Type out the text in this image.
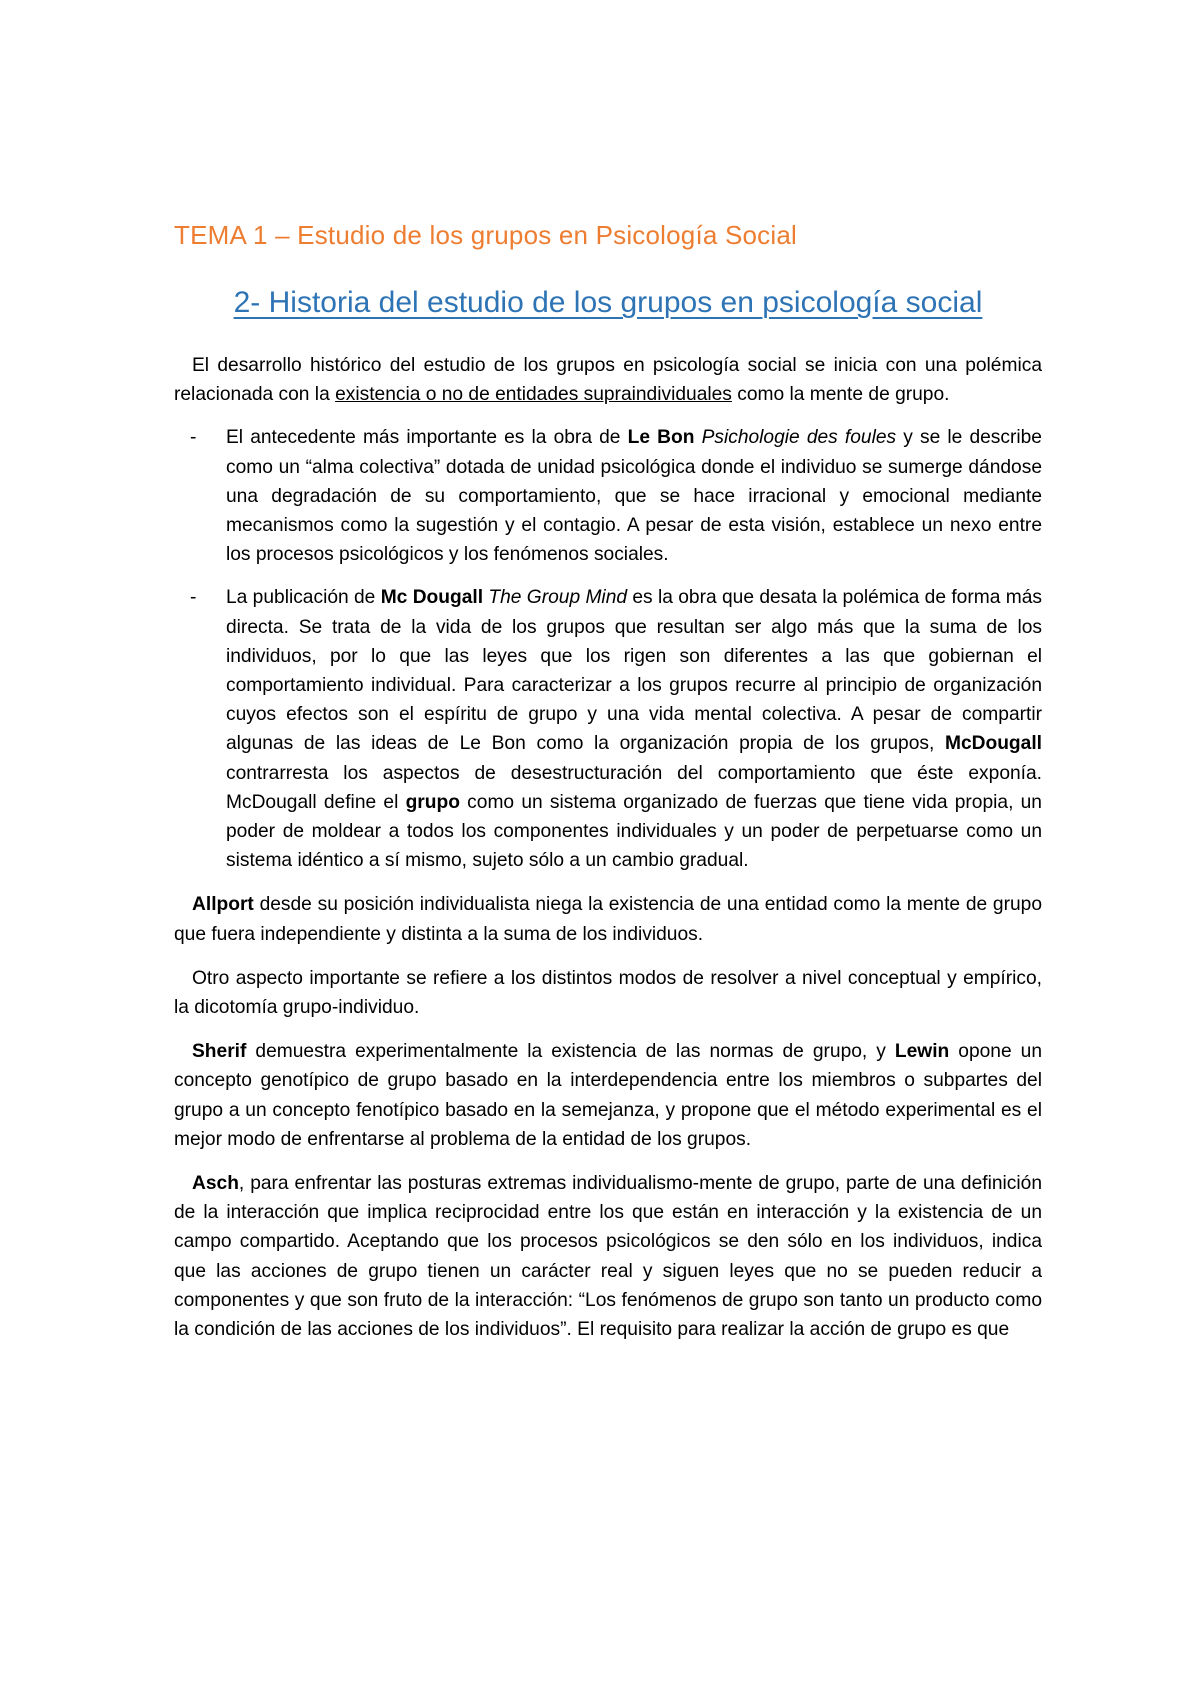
TEMA 1 – Estudio de los grupos en Psicología Social
2- Historia del estudio de los grupos en psicología social

El desarrollo histórico del estudio de los grupos en psicología social se inicia con una polémica relacionada con la existencia o no de entidades supraindividuales como la mente de grupo.

-	El antecedente más importante es la obra de Le Bon Psichologie des foules y se le describe como un “alma colectiva” dotada de unidad psicológica donde el individuo se sumerge dándose una degradación de su comportamiento, que se hace irracional y emocional mediante mecanismos como la sugestión y el contagio. A pesar de esta visión, establece un nexo entre los procesos psicológicos y los fenómenos sociales.
-	La publicación de Mc Dougall The Group Mind es la obra que desata la polémica de forma más directa. Se trata de la vida de los grupos que resultan ser algo más que la suma de los individuos, por lo que las leyes que los rigen son diferentes a las que gobiernan el comportamiento individual. Para caracterizar a los grupos recurre al principio de organización cuyos efectos son el espíritu de grupo y una vida mental colectiva. A pesar de compartir algunas de las ideas de Le Bon como la organización propia de los grupos, McDougall contrarresta los aspectos de desestructuración del comportamiento que éste exponía. McDougall define el grupo como un sistema organizado de fuerzas que tiene vida propia, un poder de moldear a todos los componentes individuales y un poder de perpetuarse como un sistema idéntico a sí mismo, sujeto sólo a un cambio gradual.

Allport desde su posición individualista niega la existencia de una entidad como la mente de grupo que fuera independiente y distinta a la suma de los individuos.

Otro aspecto importante se refiere a los distintos modos de resolver a nivel conceptual y empírico, la dicotomía grupo-individuo.

Sherif demuestra experimentalmente la existencia de las normas de grupo, y Lewin opone un concepto genotípico de grupo basado en la interdependencia entre los miembros o subpartes del grupo a un concepto fenotípico basado en la semejanza, y propone que el método experimental es el mejor modo de enfrentarse al problema de la entidad de los grupos.

Asch, para enfrentar las posturas extremas individualismo-mente de grupo, parte de una definición de la interacción que implica reciprocidad entre los que están en interacción y la existencia de un campo compartido. Aceptando que los procesos psicológicos se den sólo en los individuos, indica que las acciones de grupo tienen un carácter real y siguen leyes que no se pueden reducir a componentes y que son fruto de la interacción: “Los fenómenos de grupo son tanto un producto como la condición de las acciones de los individuos”. El requisito para realizar la acción de grupo es que
